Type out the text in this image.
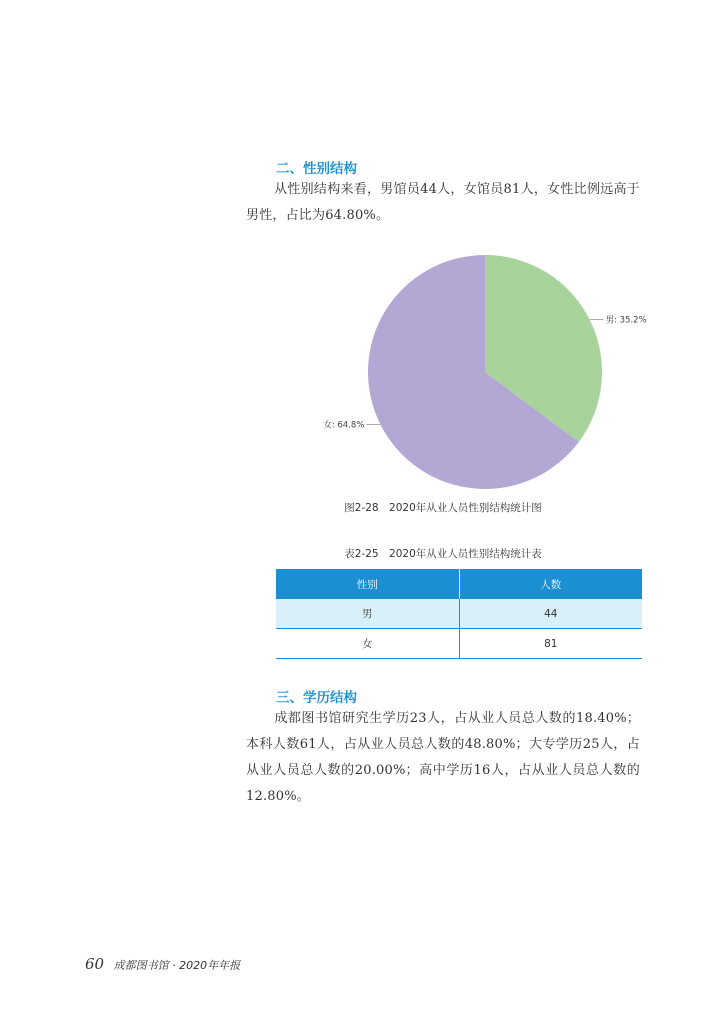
二、性别结构

从性别结构来看，男馆员44人，女馆员81人，女性比例远高于男性，占比为64.80%。

男: 35.2%
女: 64.8%
图2-28　2020年从业人员性别结构统计图
表2-25　2020年从业人员性别结构统计表
性别	人数
男	44
女	81
三、学历结构

成都图书馆研究生学历23人，占从业人员总人数的18.40%；本科人数61人，占从业人员总人数的48.80%；大专学历25人，占从业人员总人数的20.00%；高中学历16人，占从业人员总人数的12.80%。

60 成都图书馆 · 2020年年报
